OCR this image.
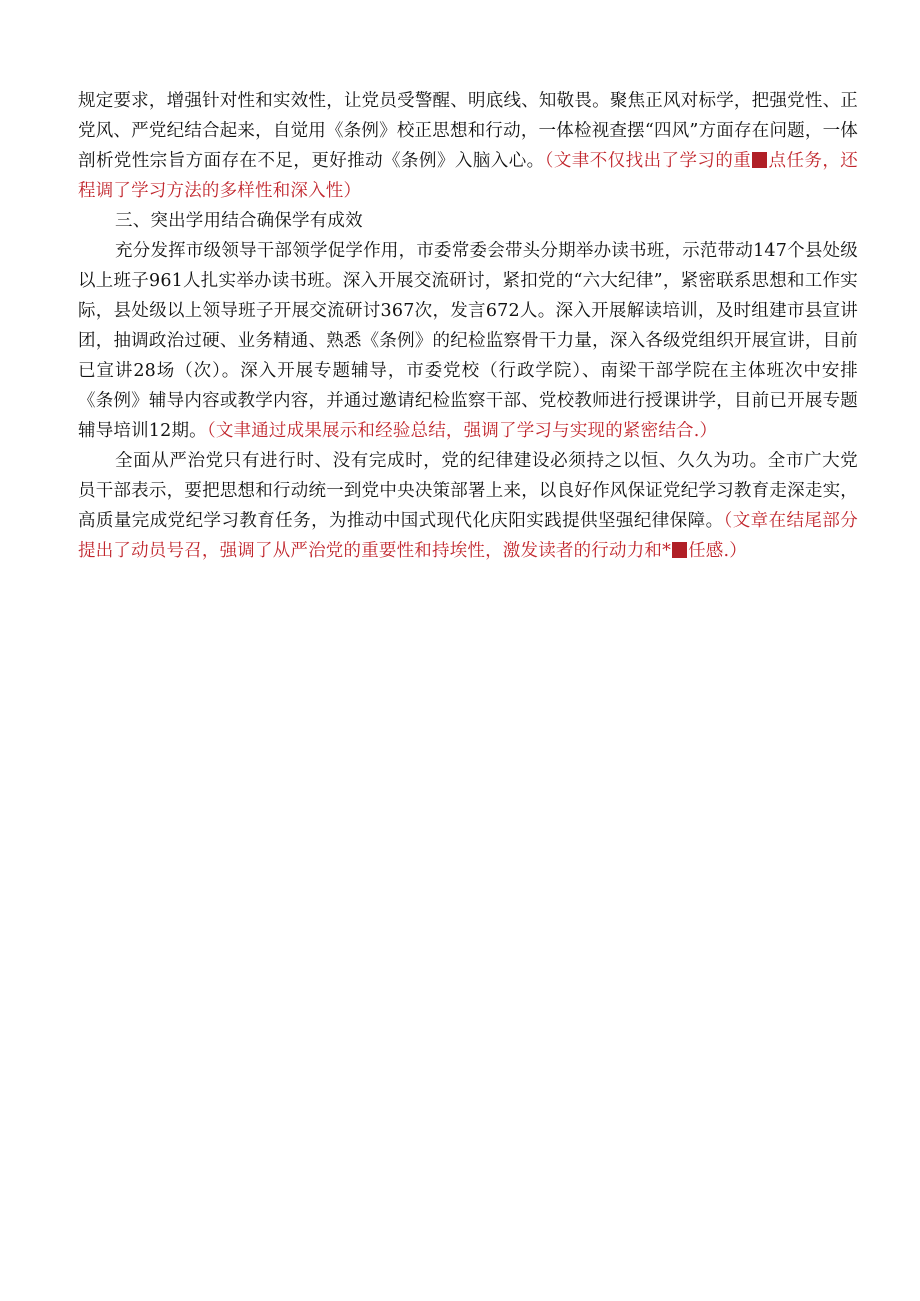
规定要求，增强针对性和实效性，让党员受警醒、明底线、知敬畏。聚焦正风对标学，把强党性、正党风、严党纪结合起来，自觉用《条例》校正思想和行动，一体检视查摆“四风”方面存在问题，一体剖析党性宗旨方面存在不足，更好推动《条例》入脑入心。（文聿不仅找出了学习的重 点任务，还程调了学习方法的多样性和深入性）

三、突出学用结合确保学有成效

充分发挥市级领导干部领学促学作用，市委常委会带头分期举办读书班，示范带动147个县处级以上班子961人扎实举办读书班。深入开展交流研讨，紧扣党的“六大纪律”，紧密联系思想和工作实际，县处级以上领导班子开展交流研讨367次，发言672人。深入开展解读培训，及时组建市县宣讲团，抽调政治过硬、业务精通、熟悉《条例》的纪检监察骨干力量，深入各级党组织开展宣讲，目前已宣讲28场（次）。深入开展专题辅导，市委党校（行政学院）、南梁干部学院在主体班次中安排《条例》辅导内容或教学内容，并通过邀请纪检监察干部、党校教师进行授课讲学，目前已开展专题辅导培训12期。（文聿通过成果展示和经验总结，强调了学习与实现的紧密结合.）

全面从严治党只有进行时、没有完成时，党的纪律建设必须持之以恒、久久为功。全市广大党员干部表示，要把思想和行动统一到党中央决策部署上来，以良好作风保证党纪学习教育走深走实，高质量完成党纪学习教育任务，为推动中国式现代化庆阳实践提供坚强纪律保障。（文章在结尾部分提出了动员号召，强调了从严治党的重要性和持埃性，激发读者的行动力和* 任感.）
